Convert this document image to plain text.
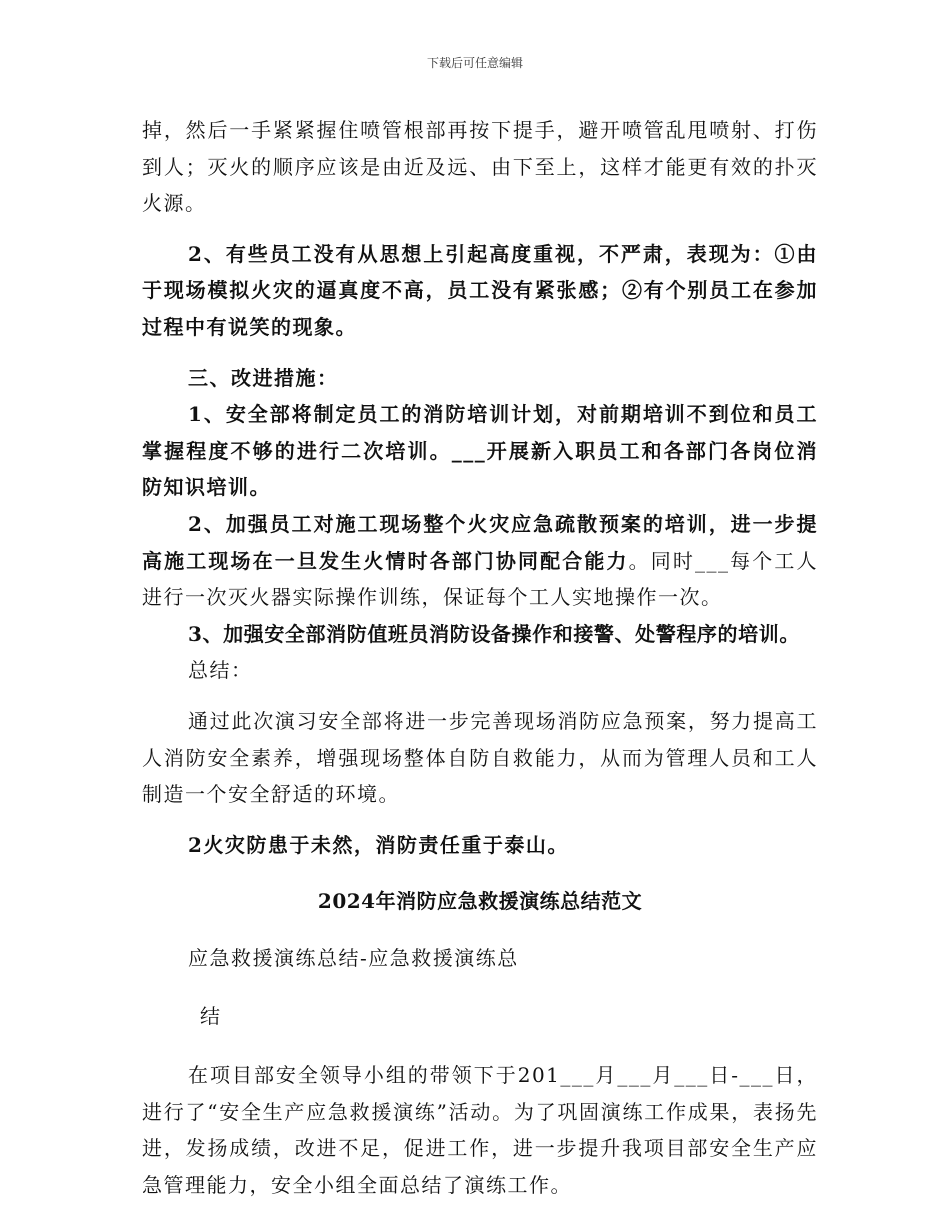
下载后可任意编辑

掉，然后一手紧紧握住喷管根部再按下提手，避开喷管乱甩喷射、打伤到人；灭火的顺序应该是由近及远、由下至上，这样才能更有效的扑灭火源。

2、有些员工没有从思想上引起高度重视，不严肃，表现为：①由于现场模拟火灾的逼真度不高，员工没有紧张感；②有个别员工在参加过程中有说笑的现象。

三、改进措施：

1、安全部将制定员工的消防培训计划，对前期培训不到位和员工掌握程度不够的进行二次培训。___开展新入职员工和各部门各岗位消防知识培训。

2、加强员工对施工现场整个火灾应急疏散预案的培训，进一步提高施工现场在一旦发生火情时各部门协同配合能力。同时___每个工人进行一次灭火器实际操作训练，保证每个工人实地操作一次。

3、加强安全部消防值班员消防设备操作和接警、处警程序的培训。

总结：

通过此次演习安全部将进一步完善现场消防应急预案，努力提高工人消防安全素养，增强现场整体自防自救能力，从而为管理人员和工人制造一个安全舒适的环境。

2火灾防患于未然，消防责任重于泰山。

2024年消防应急救援演练总结范文

应急救援演练总结-应急救援演练总

结

在项目部安全领导小组的带领下于201___月___月___日-___日，进行了“安全生产应急救援演练”活动。为了巩固演练工作成果，表扬先进，发扬成绩，改进不足，促进工作，进一步提升我项目部安全生产应急管理能力，安全小组全面总结了演练工作。
